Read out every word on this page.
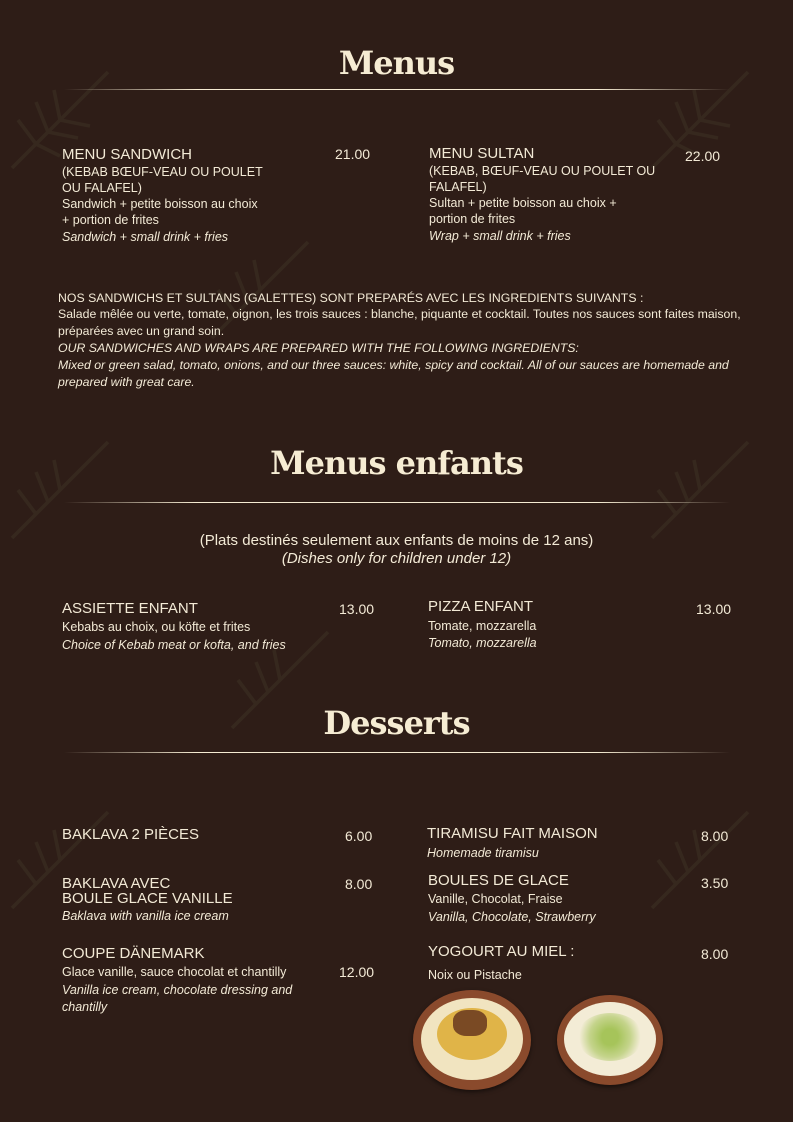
Menus
MENU SANDWICH	21.00
(KEBAB BŒUF-VEAU OU POULET
OU FALAFEL)
Sandwich + petite boisson au choix
+ portion de frites
Sandwich + small drink + fries
MENU SULTAN	22.00
(KEBAB, BŒUF-VEAU OU POULET OU
FALAFEL)
Sultan + petite boisson au choix +
portion de frites
Wrap + small drink + fries
NOS SANDWICHS ET SULTANS (GALETTES) SONT PREPARÉS AVEC LES INGREDIENTS SUIVANTS :
Salade mêlée ou verte, tomate, oignon, les trois sauces : blanche, piquante et cocktail. Toutes nos sauces sont faites maison, préparées avec un grand soin.
OUR SANDWICHES AND WRAPS ARE PREPARED WITH THE FOLLOWING INGREDIENTS:
Mixed or green salad, tomato, onions, and our three sauces: white, spicy and cocktail. All of our sauces are homemade and prepared with great care.
Menus enfants
(Plats destinés seulement aux enfants de moins de 12 ans)
(Dishes only for children under 12)
ASSIETTE ENFANT	13.00
Kebabs au choix, ou köfte et frites
Choice of Kebab meat or kofta, and fries
PIZZA ENFANT	13.00
Tomate, mozzarella
Tomato, mozzarella
Desserts
BAKLAVA 2 PIÈCES	6.00
BAKLAVA AVEC
BOULE GLACE VANILLE
8.00
Baklava with vanilla ice cream
COUPE DÄNEMARK
12.00
Glace vanille, sauce chocolat et chantilly
Vanilla ice cream, chocolate dressing and
chantilly
TIRAMISU FAIT MAISON	8.00
Homemade tiramisu
BOULES DE GLACE	3.50
Vanille, Chocolat, Fraise
Vanilla, Chocolate, Strawberry
YOGOURT AU MIEL :	8.00
Noix ou Pistache
